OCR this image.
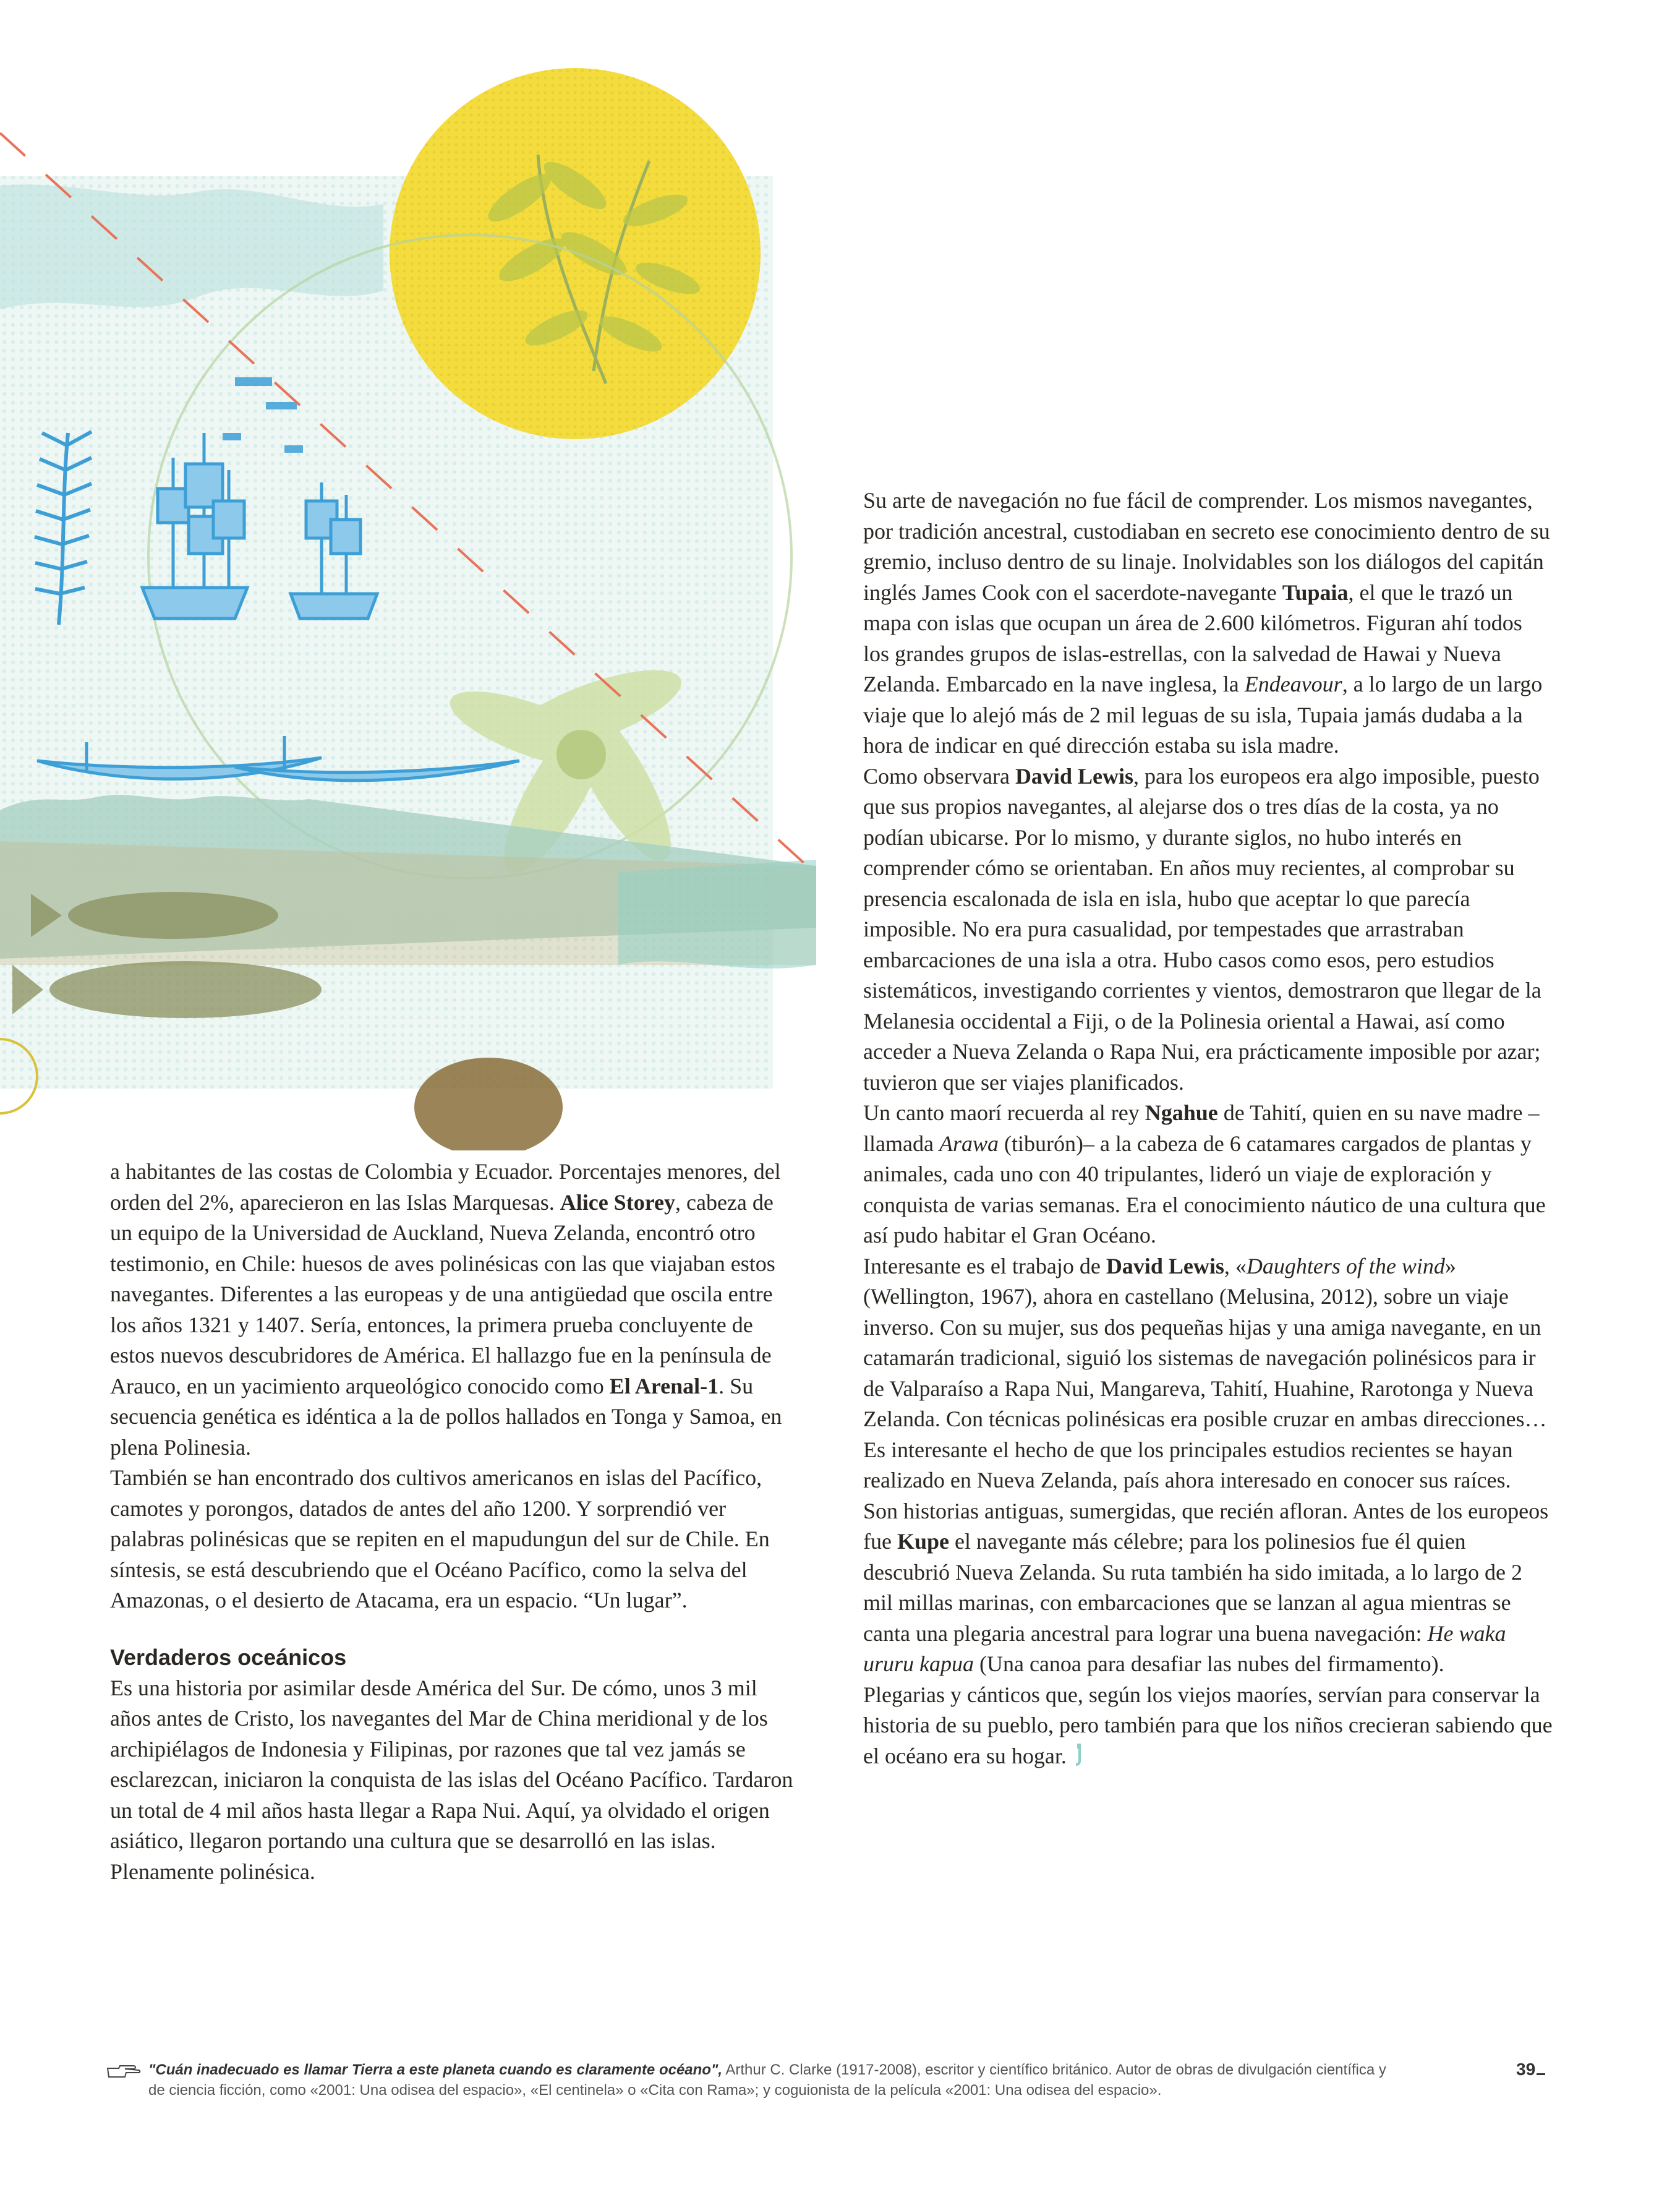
a habitantes de las costas de Colombia y Ecuador. Porcentajes menores, del orden del 2%, aparecieron en las Islas Marquesas. Alice Storey, cabeza de un equipo de la Universidad de Auckland, Nueva Zelanda, encontró otro testimonio, en Chile: huesos de aves polinésicas con las que viajaban estos navegantes. Diferentes a las europeas y de una antigüedad que oscila entre los años 1321 y 1407. Sería, entonces, la primera prueba concluyente de estos nuevos descubridores de América. El hallazgo fue en la península de Arauco, en un yacimiento arqueológico conocido como El Arenal-1. Su secuencia genética es idéntica a la de pollos hallados en Tonga y Samoa, en plena Polinesia.

También se han encontrado dos cultivos americanos en islas del Pacífico, camotes y porongos, datados de antes del año 1200. Y sorprendió ver palabras polinésicas que se repiten en el mapudungun del sur de Chile. En síntesis, se está descubriendo que el Océano Pacífico, como la selva del Amazonas, o el desierto de Atacama, era un espacio. “Un lugar”.

Verdaderos oceánicos

Es una historia por asimilar desde América del Sur. De cómo, unos 3 mil años antes de Cristo, los navegantes del Mar de China meridional y de los archipiélagos de Indonesia y Filipinas, por razones que tal vez jamás se esclarezcan, iniciaron la conquista de las islas del Océano Pacífico. Tardaron un total de 4 mil años hasta llegar a Rapa Nui. Aquí, ya olvidado el origen asiático, llegaron portando una cultura que se desarrolló en las islas. Plenamente polinésica.

Su arte de navegación no fue fácil de comprender. Los mismos navegantes, por tradición ancestral, custodiaban en secreto ese conocimiento dentro de su gremio, incluso dentro de su linaje. Inolvidables son los diálogos del capitán inglés James Cook con el sacerdote-navegante Tupaia, el que le trazó un mapa con islas que ocupan un área de 2.600 kilómetros. Figuran ahí todos los grandes grupos de islas-estrellas, con la salvedad de Hawai y Nueva Zelanda. Embarcado en la nave inglesa, la Endeavour, a lo largo de un largo viaje que lo alejó más de 2 mil leguas de su isla, Tupaia jamás dudaba a la hora de indicar en qué dirección estaba su isla madre.

Como observara David Lewis, para los europeos era algo imposible, puesto que sus propios navegantes, al alejarse dos o tres días de la costa, ya no podían ubicarse. Por lo mismo, y durante siglos, no hubo interés en comprender cómo se orientaban. En años muy recientes, al comprobar su presencia escalonada de isla en isla, hubo que aceptar lo que parecía imposible. No era pura casualidad, por tempestades que arrastraban embarcaciones de una isla a otra. Hubo casos como esos, pero estudios sistemáticos, investigando corrientes y vientos, demostraron que llegar de la Melanesia occidental a Fiji, o de la Polinesia oriental a Hawai, así como acceder a Nueva Zelanda o Rapa Nui, era prácticamente imposible por azar; tuvieron que ser viajes planificados.

Un canto maorí recuerda al rey Ngahue de Tahití, quien en su nave madre –llamada Arawa (tiburón)– a la cabeza de 6 catamares cargados de plantas y animales, cada uno con 40 tripulantes, lideró un viaje de exploración y conquista de varias semanas. Era el conocimiento náutico de una cultura que así pudo habitar el Gran Océano.

Interesante es el trabajo de David Lewis, «Daughters of the wind» (Wellington, 1967), ahora en castellano (Melusina, 2012), sobre un viaje inverso. Con su mujer, sus dos pequeñas hijas y una amiga navegante, en un catamarán tradicional, siguió los sistemas de navegación polinésicos para ir de Valparaíso a Rapa Nui, Mangareva, Tahití, Huahine, Rarotonga y Nueva Zelanda. Con técnicas polinésicas era posible cruzar en ambas direcciones…

Es interesante el hecho de que los principales estudios recientes se hayan realizado en Nueva Zelanda, país ahora interesado en conocer sus raíces.

Son historias antiguas, sumergidas, que recién afloran. Antes de los europeos fue Kupe el navegante más célebre; para los polinesios fue él quien descubrió Nueva Zelanda. Su ruta también ha sido imitada, a lo largo de 2 mil millas marinas, con embarcaciones que se lanzan al agua mientras se canta una plegaria ancestral para lograr una buena navegación: He waka ururu kapua (Una canoa para desafiar las nubes del firmamento).

Plegarias y cánticos que, según los viejos maoríes, servían para conservar la historia de su pueblo, pero también para que los niños crecieran sabiendo que el océano era su hogar.

"Cuán inadecuado es llamar Tierra a este planeta cuando es claramente océano", Arthur C. Clarke (1917-2008), escritor y científico británico. Autor de obras de divulgación científica y
de ciencia ficción, como «2001: Una odisea del espacio», «El centinela» o «Cita con Rama»; y coguionista de la película «2001: Una odisea del espacio».
39
